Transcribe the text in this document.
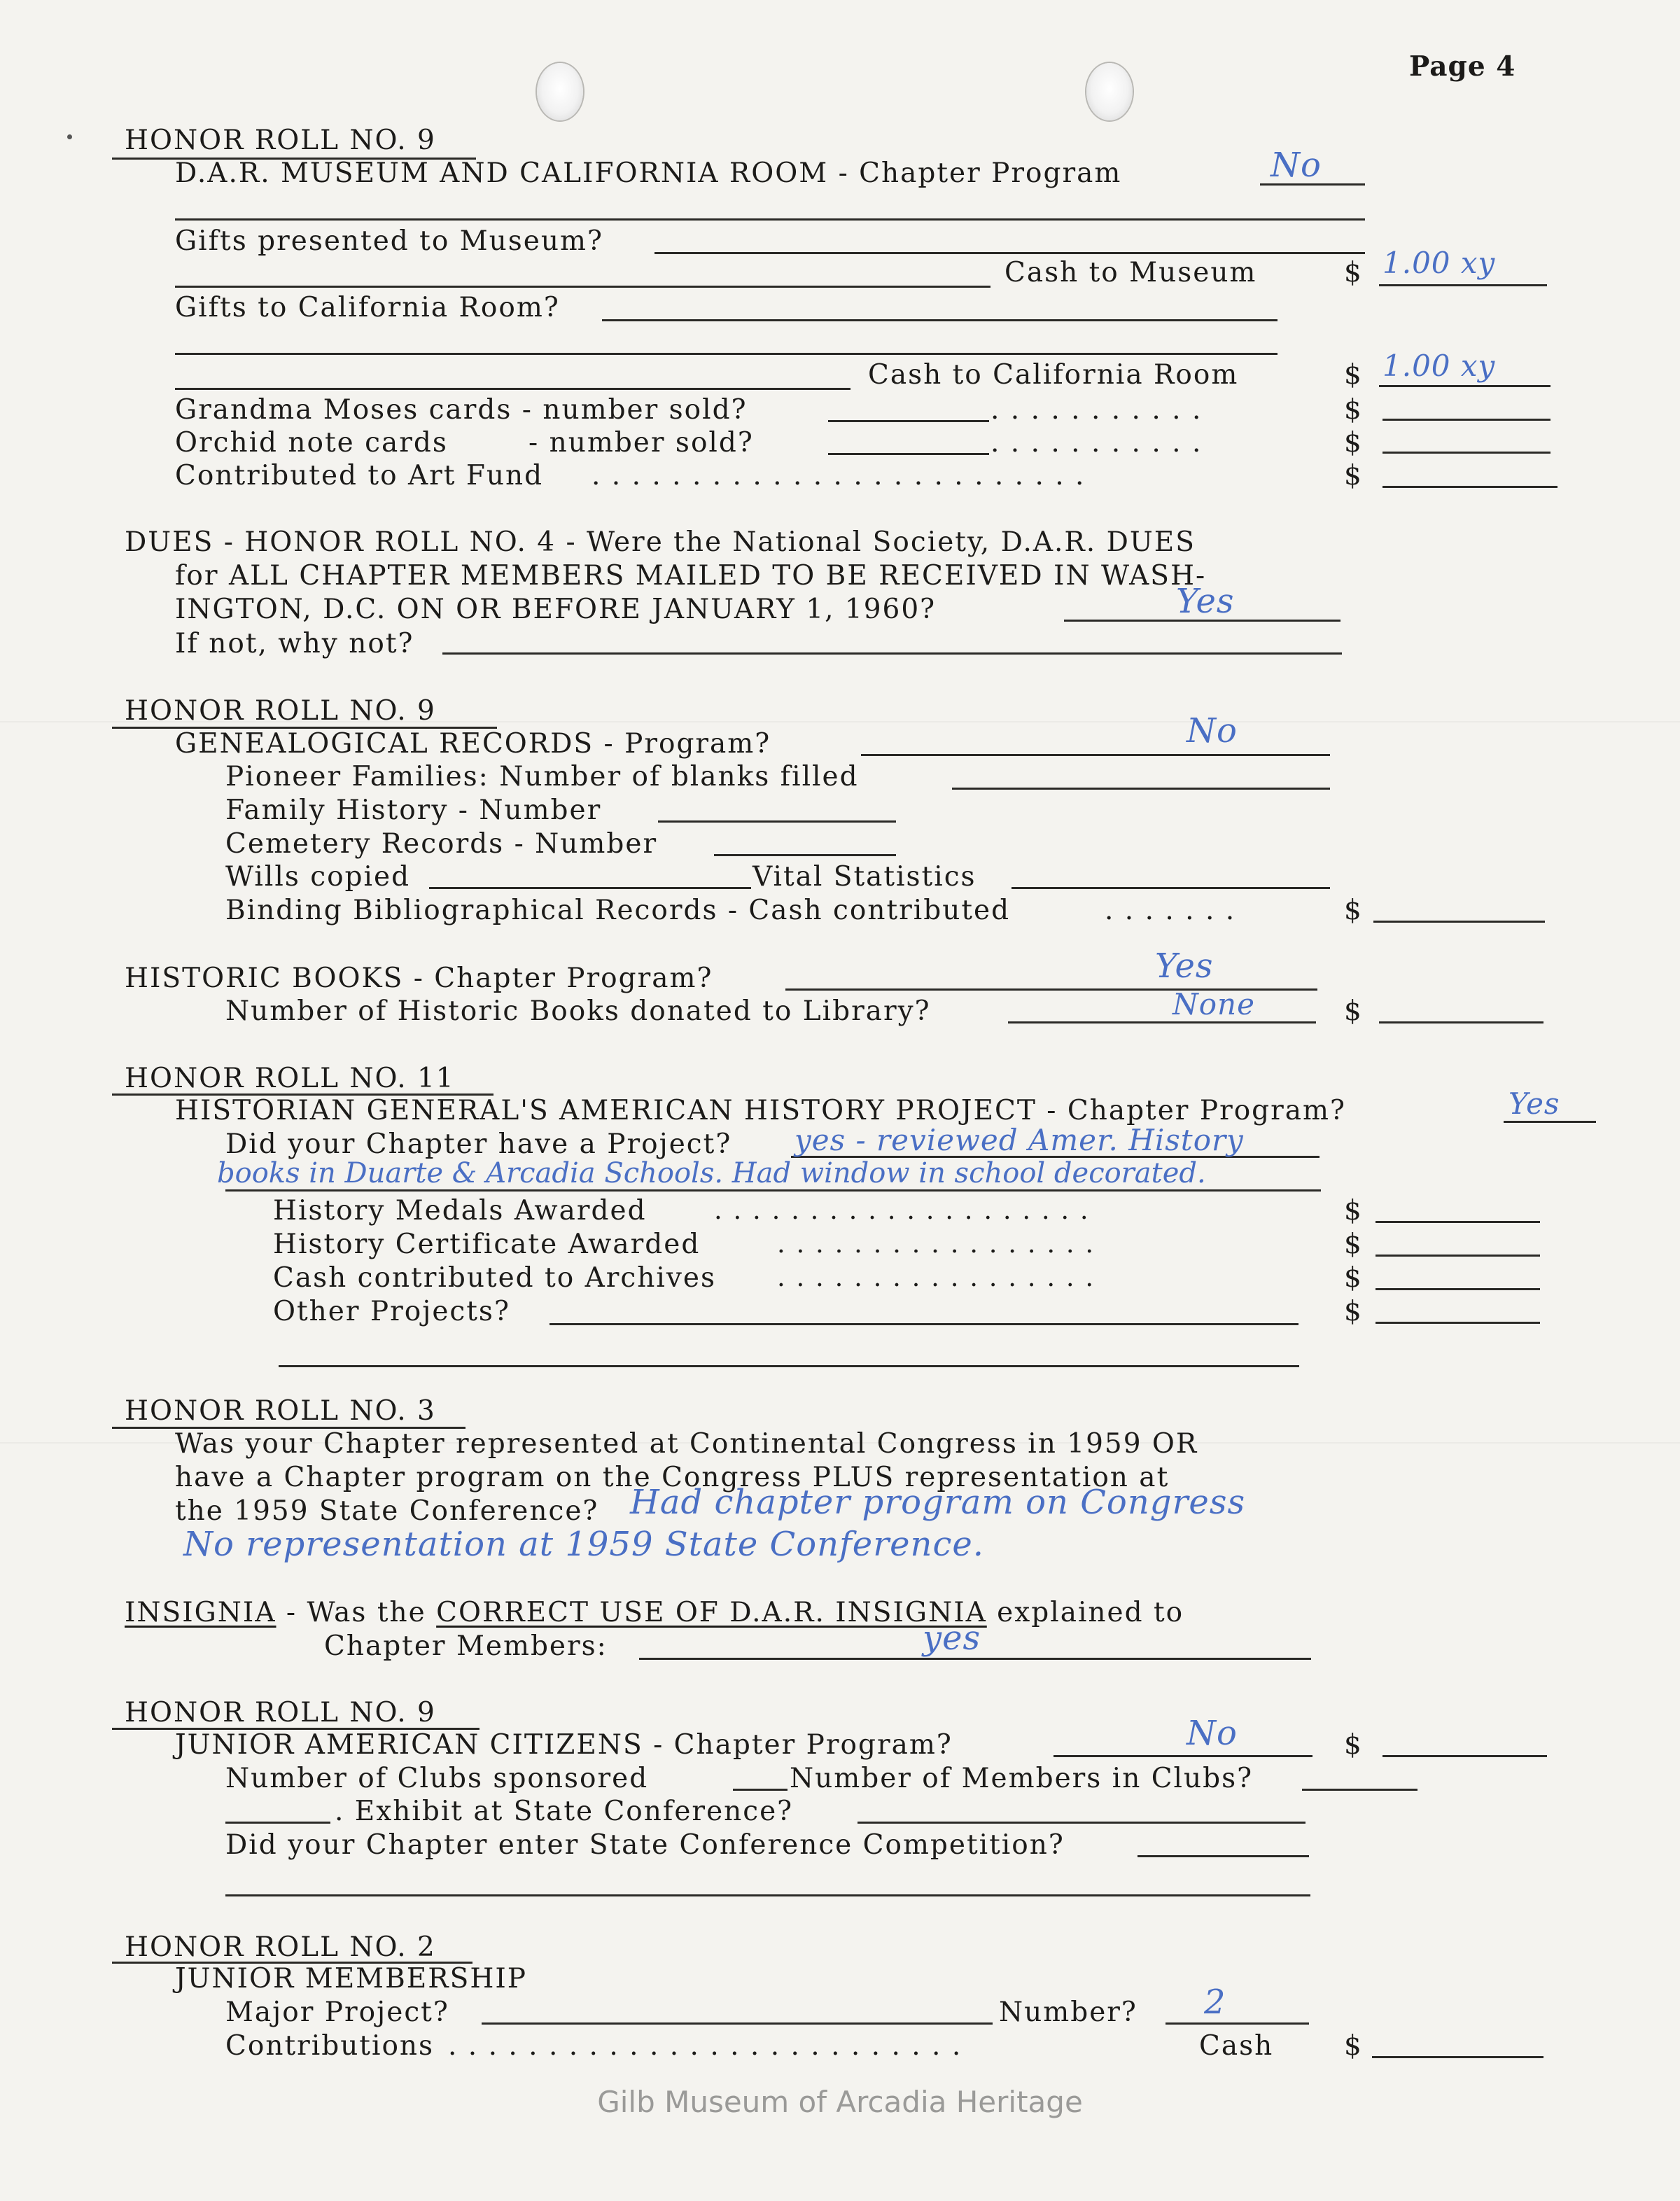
Page 4
HONOR ROLL NO. 9
D.A.R. MUSEUM AND CALIFORNIA ROOM - Chapter Program	No
Gifts presented to Museum?
Cash to Museum	$ 1.00 xy
Gifts to California Room?
Cash to California Room	$ 1.00 xy
Grandma Moses cards - number sold?	. . . . . . . . . . .	$
Orchid note cards        - number sold?	. . . . . . . . . . .	$
Contributed to Art Fund . . . . . . . . . . . . . . . . . . . . . . . . .	$
DUES - HONOR ROLL NO. 4 - Were the National Society, D.A.R. DUES
for ALL CHAPTER MEMBERS MAILED TO BE RECEIVED IN WASH-
INGTON, D.C. ON OR BEFORE JANUARY 1, 1960?	Yes
If not, why not?
HONOR ROLL NO. 9
GENEALOGICAL RECORDS - Program?	No
Pioneer Families: Number of blanks filled
Family History - Number
Cemetery Records - Number
Wills copied	Vital Statistics
Binding Bibliographical Records - Cash contributed	. . . . . . .	$
HISTORIC BOOKS - Chapter Program?	Yes
Number of Historic Books donated to Library?	None	$
HONOR ROLL NO. 11
HISTORIAN GENERAL'S AMERICAN HISTORY PROJECT - Chapter Program?	Yes
Did your Chapter have a Project? yes - reviewed Amer. History
books in Duarte & Arcadia Schools. Had window in school decorated.
History Medals Awarded	. . . . . . . . . . . . . . . . . . . .	$
History Certificate Awarded	. . . . . . . . . . . . . . . . .	$
Cash contributed to Archives . . . . . . . . . . . . . . . . .	$
Other Projects?	$
HONOR ROLL NO. 3
Was your Chapter represented at Continental Congress in 1959 OR
have a Chapter program on the Congress PLUS representation at
the 1959 State Conference? Had chapter program on Congress
No representation at 1959 State Conference.
INSIGNIA - Was the CORRECT USE OF D.A.R. INSIGNIA explained to
Chapter Members:	yes
HONOR ROLL NO. 9
JUNIOR AMERICAN CITIZENS - Chapter Program?	No	$
Number of Clubs sponsored	Number of Members in Clubs?
. Exhibit at State Conference?
Did your Chapter enter State Conference Competition?
HONOR ROLL NO. 2
JUNIOR MEMBERSHIP
Major Project?	Number? 2
Contributions . . . . . . . . . . . . . . . . . . . . . . . . . .	Cash	$
Gilb Museum of Arcadia Heritage
